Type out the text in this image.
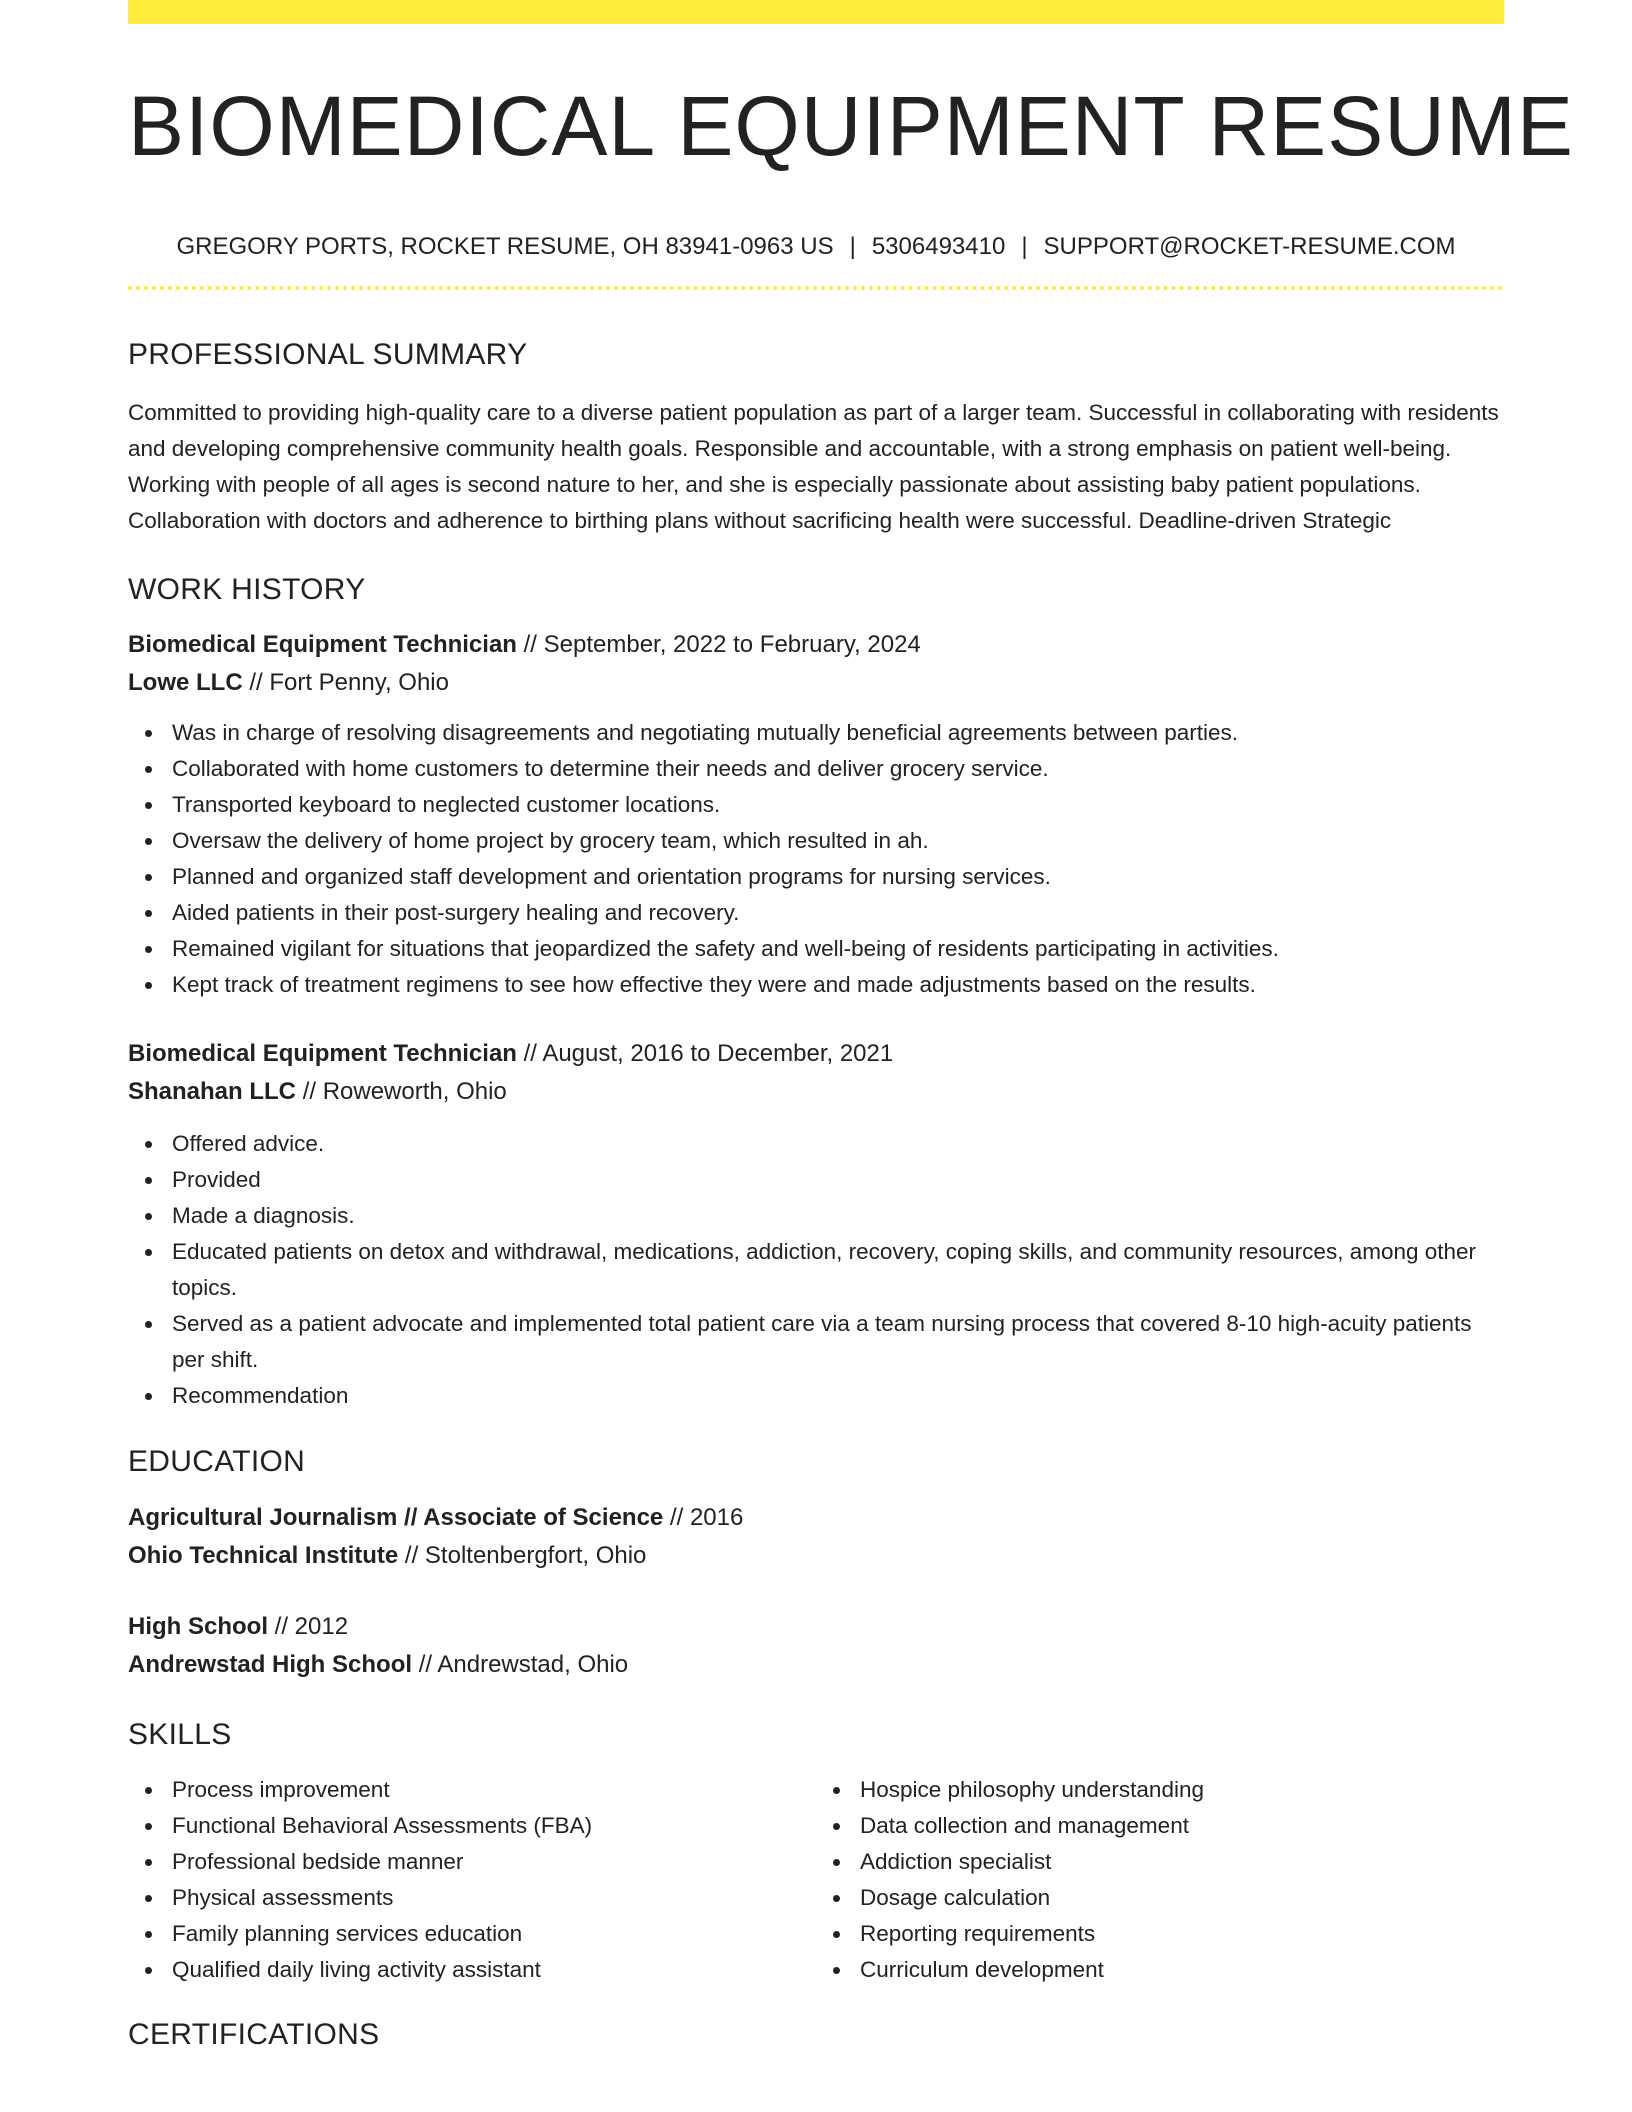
BIOMEDICAL EQUIPMENT RESUME
GREGORY PORTS, ROCKET RESUME, OH 83941-0963 US | 5306493410 | SUPPORT@ROCKET-RESUME.COM
PROFESSIONAL SUMMARY

Committed to providing high-quality care to a diverse patient population as part of a larger team. Successful in collaborating with residents and developing comprehensive community health goals. Responsible and accountable, with a strong emphasis on patient well-being. Working with people of all ages is second nature to her, and she is especially passionate about assisting baby patient populations. Collaboration with doctors and adherence to birthing plans without sacrificing health were successful. Deadline-driven Strategic

WORK HISTORY

Biomedical Equipment Technician // September, 2022 to February, 2024

Lowe LLC // Fort Penny, Ohio

Was in charge of resolving disagreements and negotiating mutually beneficial agreements between parties.
Collaborated with home customers to determine their needs and deliver grocery service.
Transported keyboard to neglected customer locations.
Oversaw the delivery of home project by grocery team, which resulted in ah.
Planned and organized staff development and orientation programs for nursing services.
Aided patients in their post-surgery healing and recovery.
Remained vigilant for situations that jeopardized the safety and well-being of residents participating in activities.
Kept track of treatment regimens to see how effective they were and made adjustments based on the results.

Biomedical Equipment Technician // August, 2016 to December, 2021

Shanahan LLC // Roweworth, Ohio

Offered advice.
Provided
Made a diagnosis.
Educated patients on detox and withdrawal, medications, addiction, recovery, coping skills, and community resources, among other topics.
Served as a patient advocate and implemented total patient care via a team nursing process that covered 8-10 high-acuity patients per shift.
Recommendation
EDUCATION

Agricultural Journalism // Associate of Science // 2016

Ohio Technical Institute // Stoltenbergfort, Ohio

High School // 2012

Andrewstad High School // Andrewstad, Ohio

SKILLS
Process improvement
Functional Behavioral Assessments (FBA)
Professional bedside manner
Physical assessments
Family planning services education
Qualified daily living activity assistant
Hospice philosophy understanding
Data collection and management
Addiction specialist
Dosage calculation
Reporting requirements
Curriculum development
CERTIFICATIONS
